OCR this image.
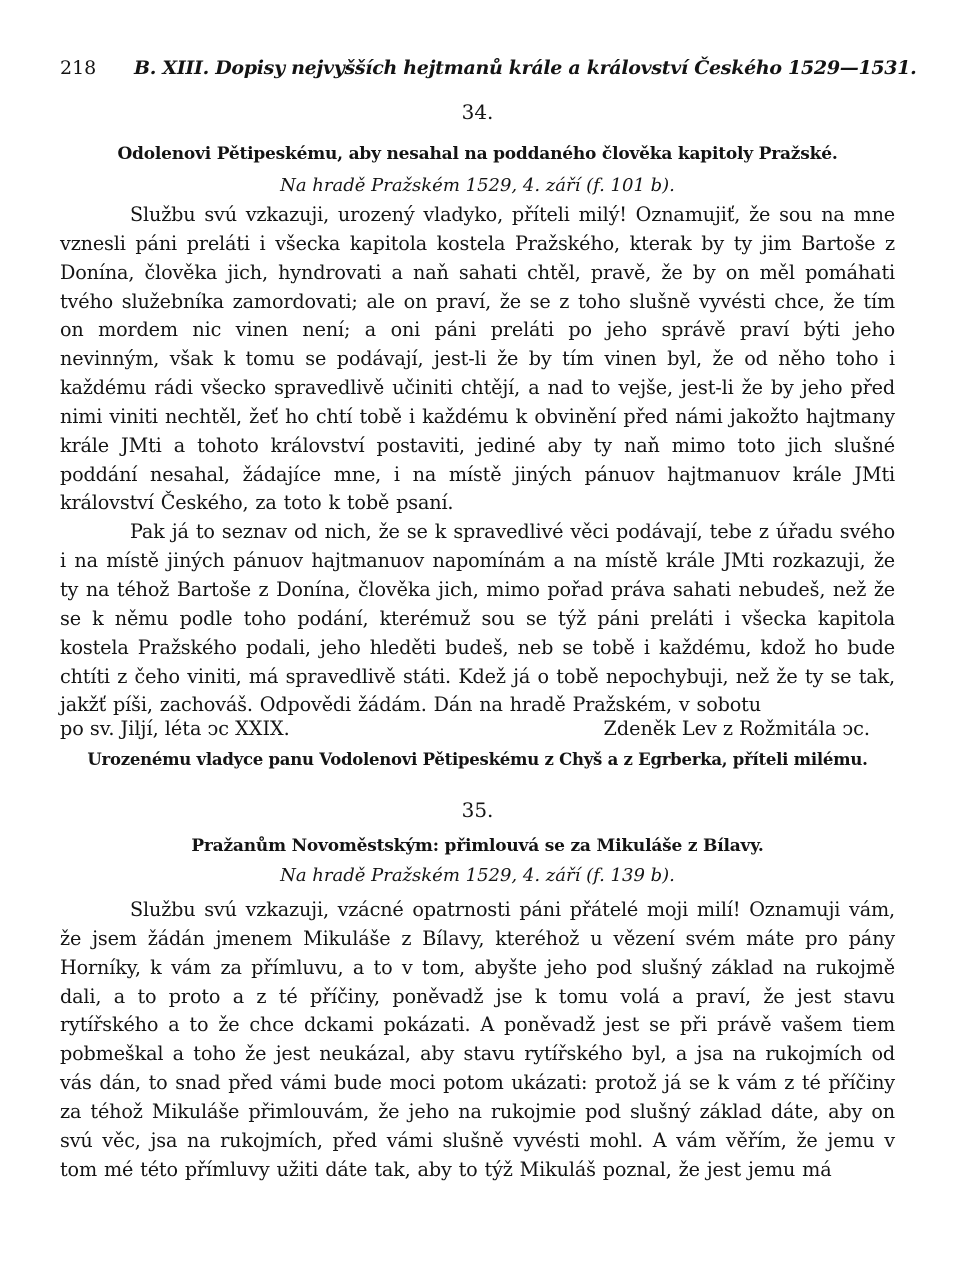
218 B. XIII. Dopisy nejvyšších hejtmanů krále a království Českého 1529—1531.
34.
Odolenovi Pětipeskému, aby nesahal na poddaného člověka kapitoly Pražské.
Na hradě Pražském 1529, 4. září (f. 101 b).

Službu svú vzkazuji, urozený vladyko, příteli milý! Oznamujiť, že sou na mne vznesli páni preláti i všecka kapitola kostela Pražského, kterak by ty jim Bartoše z Donína, člověka jich, hyndrovati a naň sahati chtěl, pravě, že by on měl pomáhati tvého služebníka zamordovati; ale on praví, že se z toho slušně vyvésti chce, že tím on mordem nic vinen není; a oni páni preláti po jeho správě praví býti jeho nevinným, však k tomu se podávají, jest-li že by tím vinen byl, že od něho toho i každému rádi všecko spravedlivě učiniti chtějí, a nad to vejše, jest-li že by jeho před nimi viniti nechtěl, žeť ho chtí tobě i každému k obvinění před námi jakožto hajtmany krále JMti a tohoto království postaviti, jediné aby ty naň mimo toto jich slušné poddání nesahal, žádajíce mne, i na místě jiných pánuov hajtmanuov krále JMti království Českého, za toto k tobě psaní.

Pak já to seznav od nich, že se k spravedlivé věci podávají, tebe z úřadu svého i na místě jiných pánuov hajtmanuov napomínám a na místě krále JMti rozkazuji, že ty na téhož Bartoše z Donína, člověka jich, mimo pořad práva sahati nebudeš, než že se k němu podle toho podání, kterémuž sou se týž páni preláti i všecka kapitola kostela Pražského podali, jeho hleděti budeš, neb se tobě i každému, kdož ho bude chtíti z čeho viniti, má spravedlivě státi. Kdež já o tobě nepochybuji, než že ty se tak, jakžť píši, zachováš. Odpovědi žádám. Dán na hradě Pražském, v sobotu

po sv. Jiljí, léta ↄc XXIX.	Zdeněk Lev z Rožmitála ↄc.
Urozenému vladyce panu Vodolenovi Pětipeskému z Chyš a z Egrberka, příteli milému.
35.
Pražanům Novoměstským: přimlouvá se za Mikuláše z Bílavy.
Na hradě Pražském 1529, 4. září (f. 139 b).

Službu svú vzkazuji, vzácné opatrnosti páni přátelé moji milí! Oznamuji vám, že jsem žádán jmenem Mikuláše z Bílavy, kteréhož u vězení svém máte pro pány Horníky, k vám za přímluvu, a to v tom, abyšte jeho pod slušný základ na rukojmě dali, a to proto a z té příčiny, poněvadž jse k tomu volá a praví, že jest stavu rytířského a to že chce dckami pokázati. A poněvadž jest se při právě vašem tiem pobmeškal a toho že jest neukázal, aby stavu rytířského byl, a jsa na rukojmích od vás dán, to snad před vámi bude moci potom ukázati: protož já se k vám z té příčiny za téhož Mikuláše přimlouvám, že jeho na rukojmie pod slušný základ dáte, aby on svú věc, jsa na rukojmích, před vámi slušně vyvésti mohl. A vám věřím, že jemu v tom mé této přímluvy užiti dáte tak, aby to týž Mikuláš poznal, že jest jemu má
